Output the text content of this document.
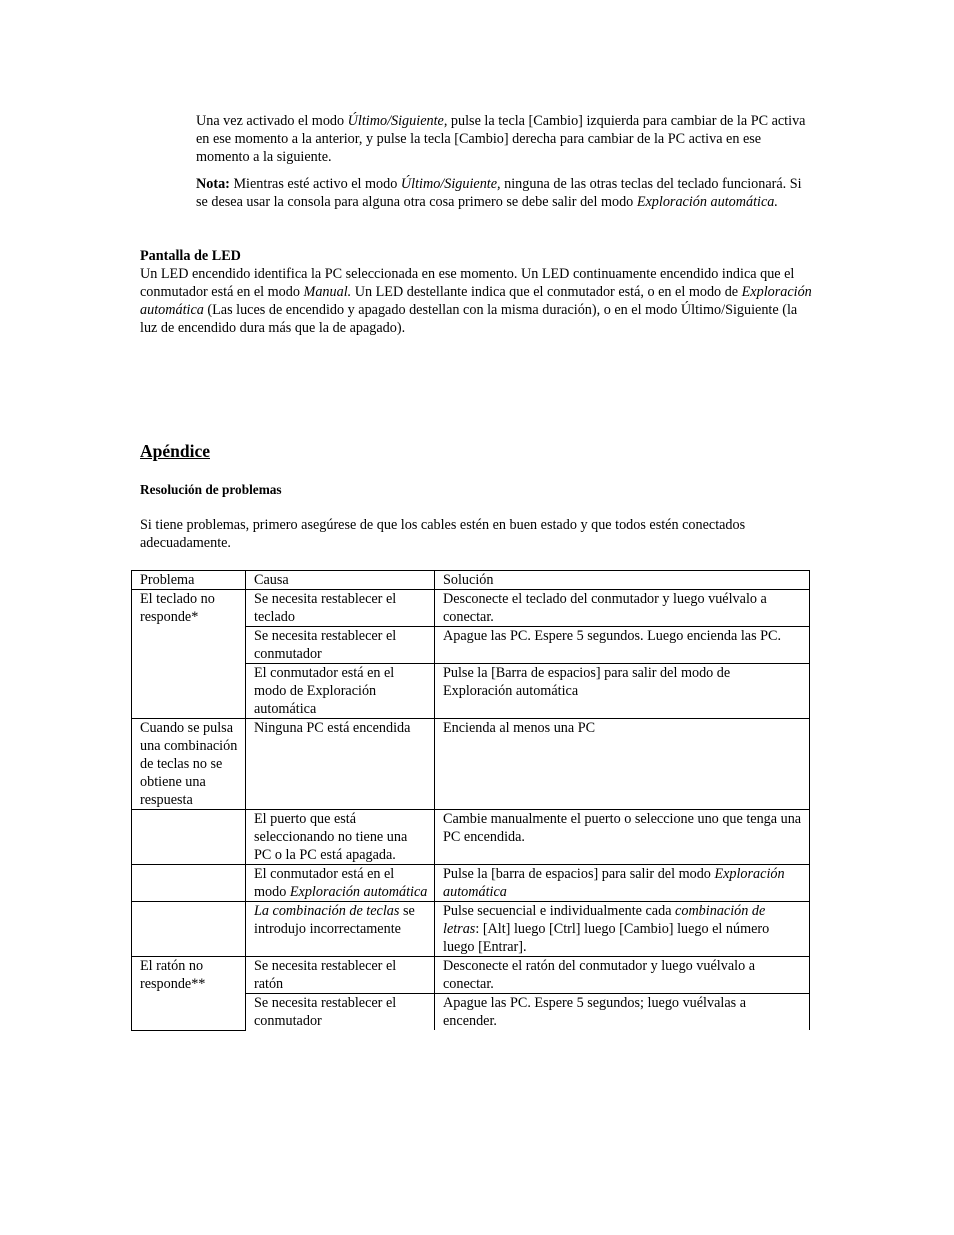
Una vez activado el modo Último/Siguiente, pulse la tecla [Cambio] izquierda para cambiar de la PC activa en ese momento a la anterior, y pulse la tecla [Cambio] derecha para cambiar de la PC activa en ese momento a la siguiente.

Nota: Mientras esté activo el modo Último/Siguiente, ninguna de las otras teclas del teclado funcionará. Si se desea usar la consola para alguna otra cosa primero se debe salir del modo Exploración automática.

Pantalla de LED

Un LED encendido identifica la PC seleccionada en ese momento. Un LED continuamente encendido indica que el conmutador está en el modo Manual. Un LED destellante indica que el conmutador está, o en el modo de Exploración automática (Las luces de encendido y apagado destellan con la misma duración), o en el modo Último/Siguiente (la luz de encendido dura más que la de apagado).

Apéndice
Resolución de problemas

Si tiene problemas, primero asegúrese de que los cables estén en buen estado y que todos estén conectados adecuadamente.

Problema	Causa	Solución
El teclado no responde*	Se necesita restablecer el teclado	Desconecte el teclado del conmutador y luego vuélvalo a conectar.
	Se necesita restablecer el conmutador	Apague las PC. Espere 5 segundos. Luego encienda las PC.
	El conmutador está en el modo de Exploración automática	Pulse la [Barra de espacios] para salir del modo de Exploración automática
Cuando se pulsa una combinación de teclas no se obtiene una respuesta	Ninguna PC está encendida	Encienda al menos una PC
	El puerto que está seleccionando no tiene una PC o la PC está apagada.	Cambie manualmente el puerto o seleccione uno que tenga una PC encendida.
	El conmutador está en el modo Exploración automática	Pulse la [barra de espacios] para salir del modo Exploración automática
	La combinación de teclas se introdujo incorrectamente	Pulse secuencial e individualmente cada combinación de letras: [Alt] luego [Ctrl] luego [Cambio] luego el número luego [Entrar].
El ratón no responde**	Se necesita restablecer el ratón	Desconecte el ratón del conmutador y luego vuélvalo a conectar.
	Se necesita restablecer el conmutador	Apague las PC. Espere 5 segundos; luego vuélvalas a encender.
